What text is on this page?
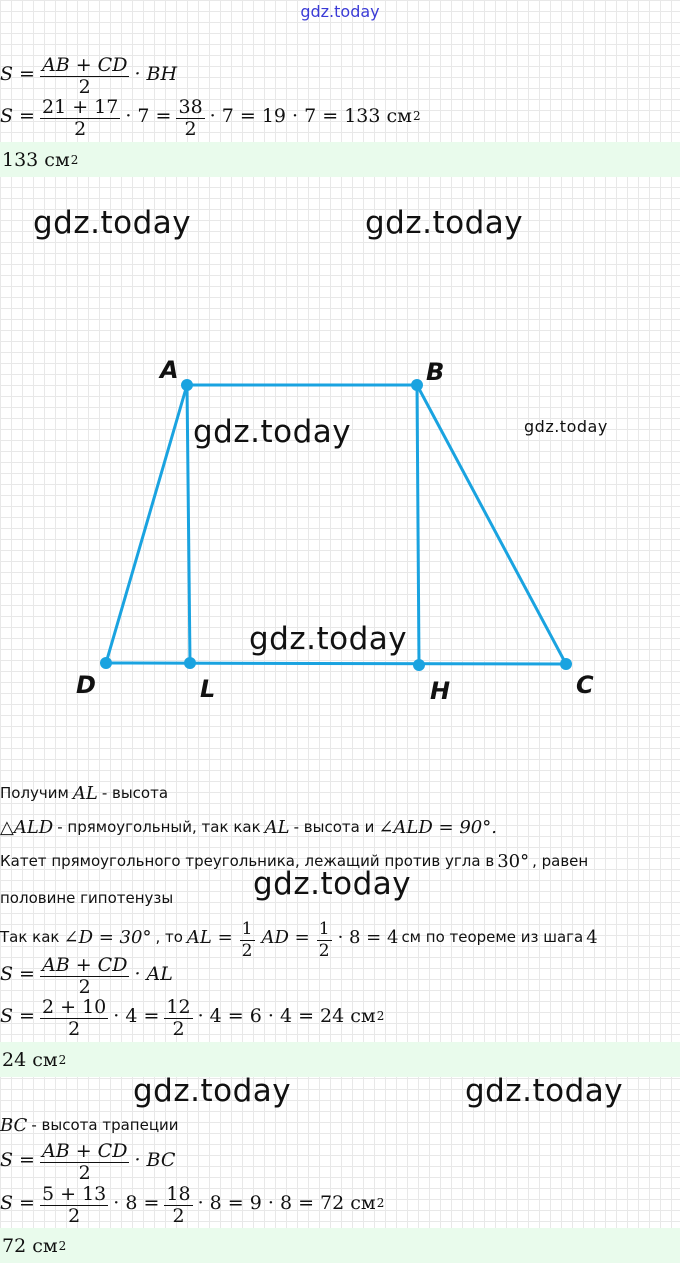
gdz.today
$S = \frac{AB + CD}{2}$ · BH
$S = \frac{21 + 17}{2} \cdot 7 = \frac{38}{2} \cdot 7 = 19 \cdot 7 = 133$ см 2
133 см 2
gdz.today	gdz.today
gdz.today
A	B
D	L	H	C
gdz.today
gdz.today
Получим AL - высота
△ALD - прямоугольный, так как AL - высота и ∠ALD = 90°.
Катет прямоугольного треугольника, лежащий против угла в 30° , равен
половине гипотенузы	gdz.today
Так как ∠D = 30° , то AL = $\frac{1}{2}$ AD = $\frac{1}{2} \cdot 8 = 4$ см по теореме из шага 4
$S = \frac{AB + CD}{2}$ · AL
$S = \frac{2 + 10}{2} \cdot 4 = \frac{12}{2} \cdot 4 = 6 \cdot 4 = 24$ см 2
24 см 2
gdz.today	gdz.today
BC - высота трапеции
$S = \frac{AB + CD}{2}$ · BC
$S = \frac{5 + 13}{2} \cdot 8 = \frac{18}{2} \cdot 8 = 9 \cdot 8 = 72$ см 2
72 см 2
